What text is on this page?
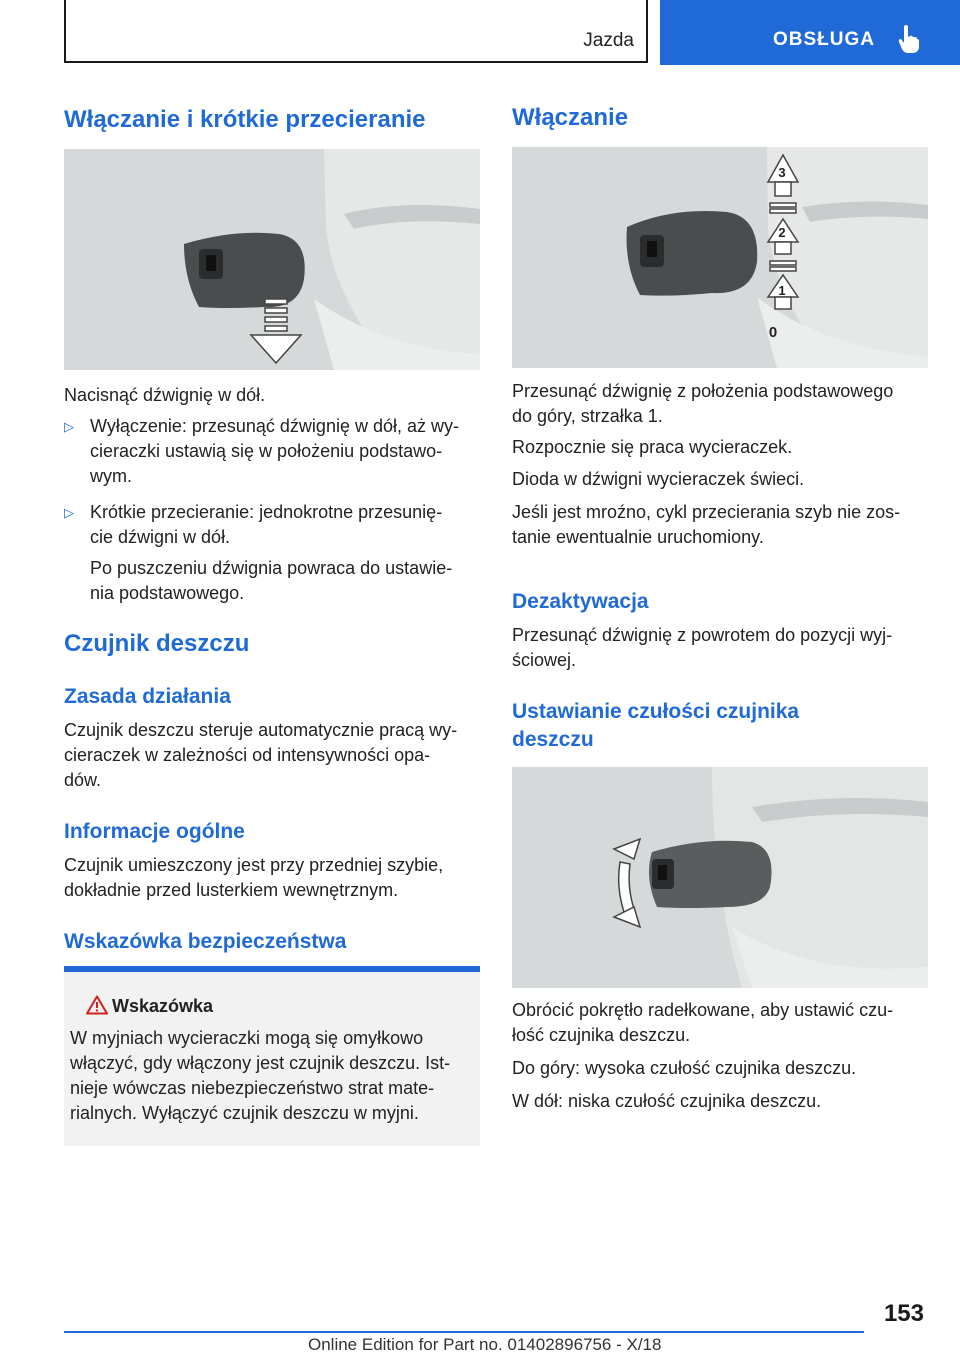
Jazda	OBSŁUGA
Włączanie i krótkie przecieranie

Nacisnąć dźwignię w dół.

▷ Wyłączenie: przesunąć dźwignię w dół, aż wy-

cieraczki ustawią się w położeniu podstawo-

wym.

▷ Krótkie przecieranie: jednokrotne przesunię-

cie dźwigni w dół.

Po puszczeniu dźwignia powraca do ustawie-

nia podstawowego.

Czujnik deszczu
Zasada działania

Czujnik deszczu steruje automatycznie pracą wy-

cieraczek w zależności od intensywności opa-

dów.

Informacje ogólne

Czujnik umieszczony jest przy przedniej szybie,

dokładnie przed lusterkiem wewnętrznym.

Wskazówka bezpieczeństwa
Wskazówka

W myjniach wycieraczki mogą się omyłkowo

włączyć, gdy włączony jest czujnik deszczu. Ist-

nieje wówczas niebezpieczeństwo strat mate-

rialnych. Wyłączyć czujnik deszczu w myjni.

Włączanie
3
2
1
0

Przesunąć dźwignię z położenia podstawowego

do góry, strzałka 1.

Rozpocznie się praca wycieraczek.

Dioda w dźwigni wycieraczek świeci.

Jeśli jest mroźno, cykl przecierania szyb nie zos-

tanie ewentualnie uruchomiony.

Dezaktywacja

Przesunąć dźwignię z powrotem do pozycji wyj-

ściowej.

Ustawianie czułości czujnika
deszczu

Obrócić pokrętło radełkowane, aby ustawić czu-

łość czujnika deszczu.

Do góry: wysoka czułość czujnika deszczu.

W dół: niska czułość czujnika deszczu.

153
Online Edition for Part no. 01402896756 - X/18
